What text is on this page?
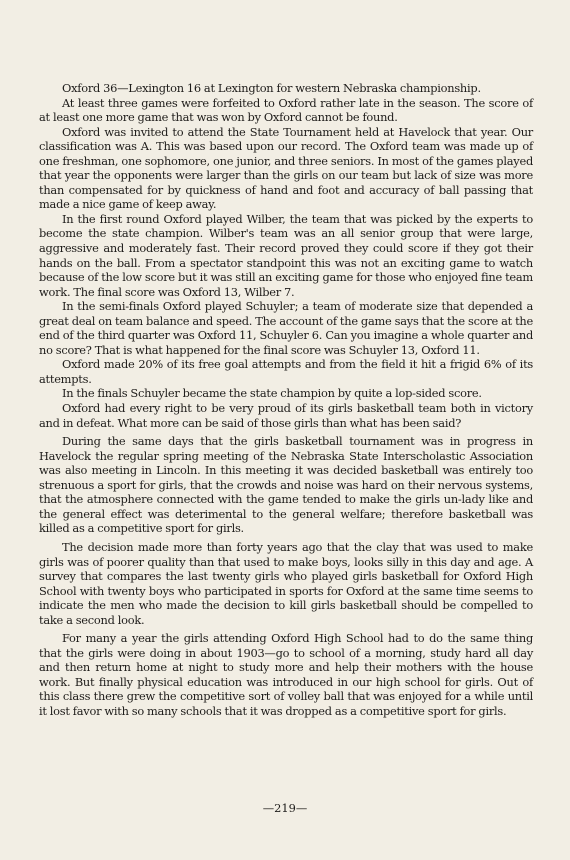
Oxford 36—Lexington 16 at Lexington for western Nebraska championship.

At least three games were forfeited to Oxford rather late in the season. The score of at least one more game that was won by Oxford cannot be found.

Oxford was invited to attend the State Tournament held at Havelock that year. Our classification was A. This was based upon our record. The Oxford team was made up of one freshman, one sophomore, one junior, and three seniors. In most of the games played that year the opponents were larger than the girls on our team but lack of size was more than compensated for by quickness of hand and foot and accuracy of ball passing that made a nice game of keep away.

In the first round Oxford played Wilber, the team that was picked by the experts to become the state champion. Wilber's team was an all senior group that were large, aggressive and moderately fast. Their record proved they could score if they got their hands on the ball. From a spectator standpoint this was not an exciting game to watch because of the low score but it was still an exciting game for those who enjoyed fine team work. The final score was Oxford 13, Wilber 7.

In the semi-finals Oxford played Schuyler; a team of moderate size that depended a great deal on team balance and speed. The account of the game says that the score at the end of the third quarter was Oxford 11, Schuyler 6. Can you imagine a whole quarter and no score? That is what happened for the final score was Schuyler 13, Oxford 11.

Oxford made 20% of its free goal attempts and from the field it hit a frigid 6% of its attempts.

In the finals Schuyler became the state champion by quite a lop-sided score.

Oxford had every right to be very proud of its girls basketball team both in victory and in defeat. What more can be said of those girls than what has been said?

During the same days that the girls basketball tournament was in progress in Havelock the regular spring meeting of the Nebraska State Interscholastic Association was also meeting in Lincoln. In this meeting it was decided basketball was entirely too strenuous a sport for girls, that the crowds and noise was hard on their nervous systems, that the atmosphere connected with the game tended to make the girls un-lady like and the general effect was deterimental to the general welfare; therefore basketball was killed as a competitive sport for girls.

The decision made more than forty years ago that the clay that was used to make girls was of poorer quality than that used to make boys, looks silly in this day and age. A survey that compares the last twenty girls who played girls basketball for Oxford High School with twenty boys who participated in sports for Oxford at the same time seems to indicate the men who made the decision to kill girls basketball should be compelled to take a second look.

For many a year the girls attending Oxford High School had to do the same thing that the girls were doing in about 1903—go to school of a morning, study hard all day and then return home at night to study more and help their mothers with the house work. But finally physical education was introduced in our high school for girls. Out of this class there grew the competitive sort of volley ball that was enjoyed for a while until it lost favor with so many schools that it was dropped as a competitive sport for girls.

—219—
